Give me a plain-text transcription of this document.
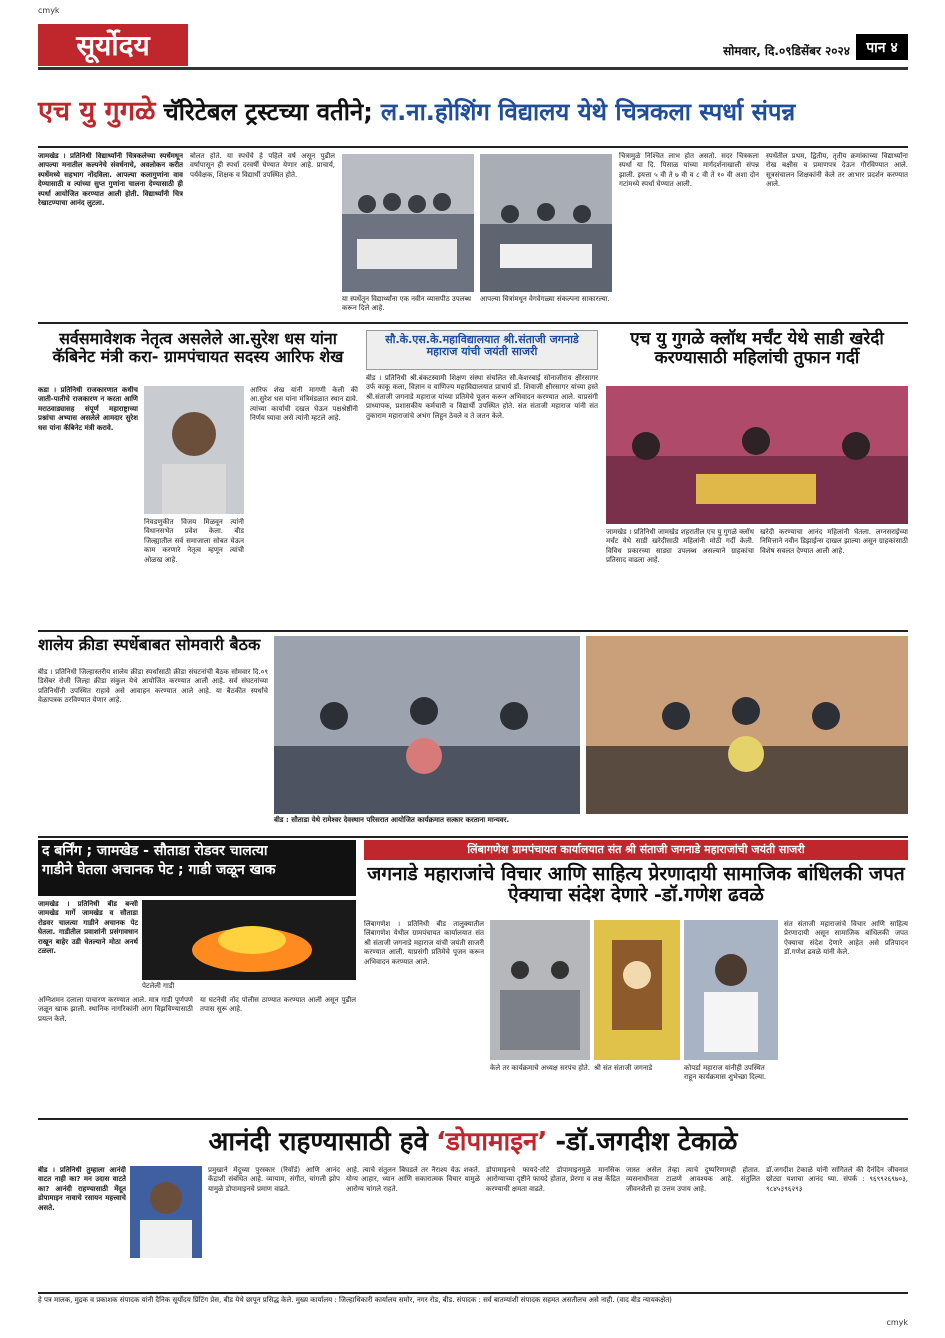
cmyk
सूर्योदय	सोमवार, दि.०९डिसेंबर २०२४	पान ४
एच यु गुगळे चॅरिटेबल ट्रस्टच्या वतीने; ल.ना.होशिंग विद्यालय येथे चित्रकला स्पर्धा संपन्न
जामखेड । प्रतिनिधी विद्यार्थ्यांनी चित्रकलेच्या स्पर्धेमधून आपल्या मनातील कल्पनेचे संवर्धनाचे, अवलोकन करीत स्पर्धेमध्ये सहभाग नोंदविला. आपल्या कलागुणांना वाव देण्यासाठी व त्यांच्या सुप्त गुणांना चालना देण्यासाठी ही स्पर्धा आयोजित करण्यात आली होती. विद्यार्थ्यांनी चित्र रेखाटण्याचा आनंद लुटला.
बोलत होते. या स्पर्धेचे हे पहिले वर्ष असून पुढील वर्षापासून ही स्पर्धा दरवर्षी घेण्यात येणार आहे. प्राचार्य, पर्यवेक्षक, शिक्षक व विद्यार्थी उपस्थित होते.
या स्पर्धेतून विद्यार्थ्यांना एक नवीन व्यासपीठ उपलब्ध करून दिले आहे.
आपल्या चित्रांमधून वेगवेगळ्या संकल्पना साकारल्या.
चित्रामुळे निश्चित लाभ होत असतो. सदर चित्रकला स्पर्धा या दि. पिसाळ यांच्या मार्गदर्शनाखाली संपन्न झाली. इयत्ता ५ वी ते ७ वी व ८ वी ते १० वी अशा दोन गटांमध्ये स्पर्धा घेण्यात आली.
स्पर्धेतील प्रथम, द्वितीय, तृतीय क्रमांकाच्या विद्यार्थ्यांना रोख बक्षीस व प्रमाणपत्र देऊन गौरविण्यात आले. सूत्रसंचालन शिक्षकांनी केले तर आभार प्रदर्शन करण्यात आले.
सर्वसमावेशक नेतृत्व असलेले आ.सुरेश धस यांना कॅबिनेट मंत्री करा- ग्रामपंचायत सदस्य आरिफ शेख
कडा । प्रतिनिधी राजकारणात कधीच जाती-पातीचे राजकारण न करता आणि मराठवाड्यासह संपूर्ण महाराष्ट्राच्या प्रश्नांचा अभ्यास असलेले आमदार सुरेश धस यांना कॅबिनेट मंत्री करावे.
निवडणुकीत विजय मिळवून त्यांनी विधानसभेत प्रवेश केला. बीड जिल्ह्यातील सर्व समाजाला सोबत घेऊन काम करणारे नेतृत्व म्हणून त्यांची ओळख आहे.
आरिफ शेख यांनी मागणी केली की आ.सुरेश धस यांना मंत्रिमंडळात स्थान द्यावे. त्यांच्या कार्याची दखल घेऊन पक्षश्रेष्ठींनी निर्णय घ्यावा असे त्यांनी म्हटले आहे.
सौ.के.एस.के.महाविद्यालयात श्री.संताजी जगनाडे महाराज यांची जयंती साजरी
बीड । प्रतिनिधी श्री.बंकटस्वामी शिक्षण संस्था संचलित सौ.केशरबाई सोनाजीराव क्षीरसागर उर्फ काकू कला, विज्ञान व वाणिज्य महाविद्यालयात प्राचार्य डॉ. शिवाजी क्षीरसागर यांच्या हस्ते श्री.संताजी जगनाडे महाराज यांच्या प्रतिमेचे पूजन करून अभिवादन करण्यात आले. याप्रसंगी प्राध्यापक, प्रशासकीय कर्मचारी व विद्यार्थी उपस्थित होते. संत संताजी महाराज यांनी संत तुकाराम महाराजांचे अभंग लिहून ठेवले व ते जतन केले.
एच यु गुगळे क्लॉथ मर्चंट येथे साडी खरेदी करण्यासाठी महिलांची तुफान गर्दी
जामखेड । प्रतिनिधी जामखेड शहरातील एच यु गुगळे क्लॉथ मर्चंट येथे साडी खरेदीसाठी महिलांनी मोठी गर्दी केली. विविध प्रकारच्या साड्या उपलब्ध असल्याने ग्राहकांचा प्रतिसाद वाढला आहे.
खरेदी करण्याचा आनंद महिलांनी घेतला. लग्नसराईच्या निमित्ताने नवीन डिझाईन्स दाखल झाल्या असून ग्राहकांसाठी विशेष सवलत देण्यात आली आहे.
शालेय क्रीडा स्पर्धेबाबत सोमवारी बैठक
बीड । प्रतिनिधी जिल्हास्तरीय शालेय क्रीडा स्पर्धांसाठी क्रीडा संघटनांची बैठक सोमवार दि.०९ डिसेंबर रोजी जिल्हा क्रीडा संकुल येथे आयोजित करण्यात आली आहे. सर्व संघटनांच्या प्रतिनिधींनी उपस्थित राहावे असे आवाहन करण्यात आले आहे. या बैठकीत स्पर्धांचे वेळापत्रक ठरविण्यात येणार आहे.
बीड : सौताडा येथे रामेश्वर देवस्थान परिसरात आयोजित कार्यक्रमात सत्कार करताना मान्यवर.
द बर्निंग ; जामखेड - सौताडा रोडवर चालत्या
गाडीने घेतला अचानक पेट ; गाडी जळून खाक
जामखेड । प्रतिनिधी बीड बन्सी जामखेड मार्गे जामखेड व सौताडा रोडवर चालत्या गाडीने अचानक पेट घेतला. गाडीतील प्रवाशांनी प्रसंगावधान राखून बाहेर उडी घेतल्याने मोठा अनर्थ टळला.
पेटलेली गाडी
अग्निशमन दलाला पाचारण करण्यात आले. मात्र गाडी पूर्णपणे जळून खाक झाली. स्थानिक नागरिकांनी आग विझविण्यासाठी प्रयत्न केले.
या घटनेची नोंद पोलीस ठाण्यात करण्यात आली असून पुढील तपास सुरू आहे.
लिंबागणेश ग्रामपंचायत कार्यालयात संत श्री संताजी जगनाडे महाराजांची जयंती साजरी
जगनाडे महाराजांचे विचार आणि साहित्य प्रेरणादायी सामाजिक बांधिलकी जपत ऐक्याचा संदेश देणारे -डॉ.गणेश ढवळे
लिंबागणेश । प्रतिनिधी बीड तालुक्यातील लिंबागणेश येथील ग्रामपंचायत कार्यालयात संत श्री संताजी जगनाडे महाराज यांची जयंती साजरी करण्यात आली. याप्रसंगी प्रतिमेचे पूजन करून अभिवादन करण्यात आले.
केले तर कार्यक्रमाचे अध्यक्ष सरपंच होते. श्री संत संताजी जगनाडे	कोपर्डा महाराज यांनीही उपस्थित राहून कार्यक्रमास शुभेच्छा दिल्या.
संत संताजी महाराजांचे विचार आणि साहित्य प्रेरणादायी असून सामाजिक बांधिलकी जपत ऐक्याचा संदेश देणारे आहेत असे प्रतिपादन डॉ.गणेश ढवळे यांनी केले.
आनंदी राहण्यासाठी हवे ‘डोपामाइन’ -डॉ.जगदीश टेकाळे
बीड । प्रतिनिधी तुम्हाला आनंदी वाटत नाही का? मन उदास वाटते का? आनंदी राहण्यासाठी मेंदूत डोपामाइन नावाचे रसायन महत्त्वाचे असते.
प्रमुखाने मेंदूच्या पुरस्कार (रिवॉर्ड) आणि आनंद केंद्राशी संबंधित आहे. व्यायाम, संगीत, चांगली झोप यामुळे डोपामाइनचे प्रमाण वाढते.
आहे. त्याचे संतुलन बिघडले तर नैराश्य येऊ शकते. योग्य आहार, ध्यान आणि सकारात्मक विचार यामुळे आरोग्य चांगले राहते.
डोपामाइनचे फायदे-तोटे डोपामाइनमुळे मानसिक आरोग्याच्या दृष्टीने फायदे होतात, प्रेरणा व लक्ष केंद्रित करण्याची क्षमता वाढते.
जास्त असेल तेव्हा त्याचे दुष्परिणामही होतात. व्यसनाधीनता टाळणे आवश्यक आहे. संतुलित जीवनशैली हा उत्तम उपाय आहे.
डॉ.जगदीश टेकाळे यांनी सांगितले की दैनंदिन जीवनात छोट्या यशाचा आनंद घ्या. संपर्क : ९६९९२६९७०३, ९८४५३९६२९३
हे पत्र मालक, मुद्रक व प्रकाशक संपादक यांनी दैनिक सूर्योदय प्रिंटिंग प्रेस, बीड येथे छापून प्रसिद्ध केले. मुख्य कार्यालय : जिल्हाधिकारी कार्यालय समोर, नगर रोड, बीड. संपादक : सर्व बातम्यांशी संपादक सहमत असतीलच असे नाही. (वाद बीड न्यायकक्षेत)
cmyk
